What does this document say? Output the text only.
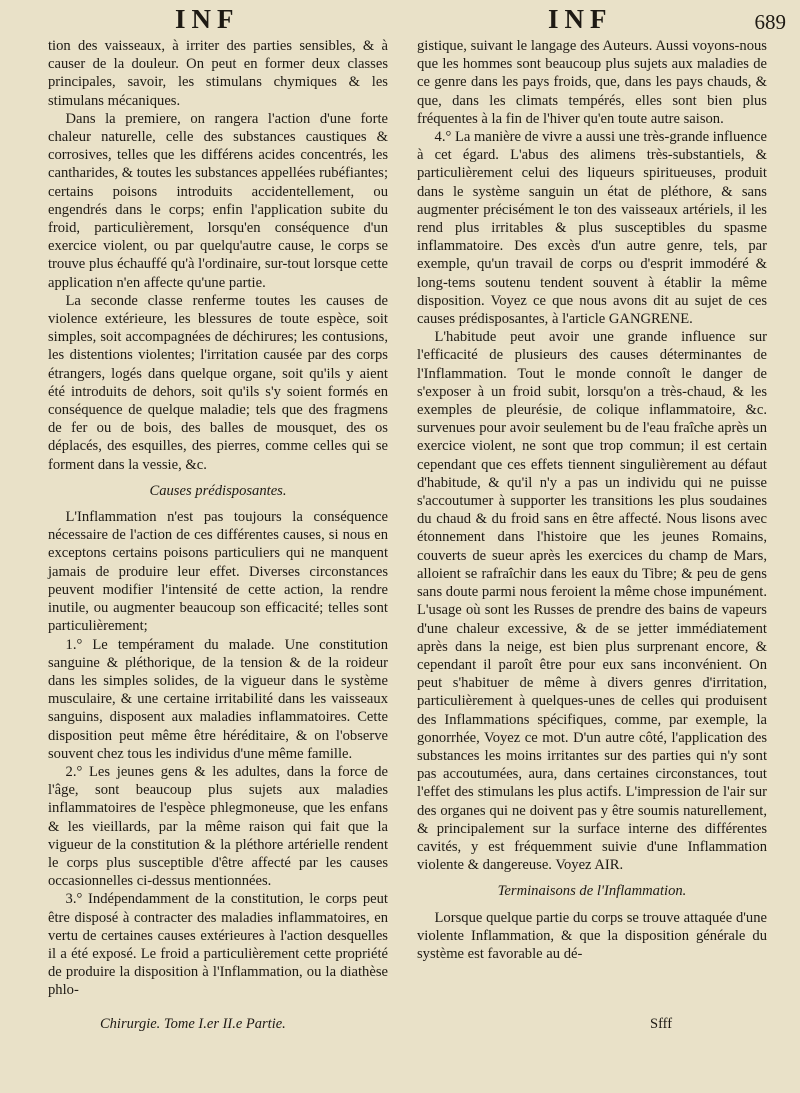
INF	INF	689

tion des vaisseaux, à irriter des parties sensibles, & à causer de la douleur. On peut en former deux classes principales, savoir, les stimulans chymiques & les stimulans mécaniques.

Dans la premiere, on rangera l'action d'une forte chaleur naturelle, celle des substances caustiques & corrosives, telles que les différens acides concentrés, les cantharides, & toutes les substances appellées rubéfiantes; certains poisons introduits accidentellement, ou engendrés dans le corps; enfin l'application subite du froid, particulièrement, lorsqu'en conséquence d'un exercice violent, ou par quelqu'autre cause, le corps se trouve plus échauffé qu'à l'ordinaire, sur-tout lorsque cette application n'en affecte qu'une partie.

La seconde classe renferme toutes les causes de violence extérieure, les blessures de toute espèce, soit simples, soit accompagnées de déchirures; les contusions, les distentions violentes; l'irritation causée par des corps étrangers, logés dans quelque organe, soit qu'ils y aient été introduits de dehors, soit qu'ils s'y soient formés en conséquence de quelque maladie; tels que des fragmens de fer ou de bois, des balles de mousquet, des os déplacés, des esquilles, des pierres, comme celles qui se forment dans la vessie, &c.

Causes prédisposantes.

L'Inflammation n'est pas toujours la conséquence nécessaire de l'action de ces différentes causes, si nous en exceptons certains poisons particuliers qui ne manquent jamais de produire leur effet. Diverses circonstances peuvent modifier l'intensité de cette action, la rendre inutile, ou augmenter beaucoup son efficacité; telles sont particulièrement;

1.° Le tempérament du malade. Une constitution sanguine & pléthorique, de la tension & de la roideur dans les simples solides, de la vigueur dans le système musculaire, & une certaine irritabilité dans les vaisseaux sanguins, disposent aux maladies inflammatoires. Cette disposition peut même être héréditaire, & on l'observe souvent chez tous les individus d'une même famille.

2.° Les jeunes gens & les adultes, dans la force de l'âge, sont beaucoup plus sujets aux maladies inflammatoires de l'espèce phlegmoneuse, que les enfans & les vieillards, par la même raison qui fait que la vigueur de la constitution & la pléthore artérielle rendent le corps plus susceptible d'être affecté par les causes occasionnelles ci-dessus mentionnées.

3.° Indépendamment de la constitution, le corps peut être disposé à contracter des maladies inflammatoires, en vertu de certaines causes extérieures à l'action desquelles il a été exposé. Le froid a particulièrement cette propriété de produire la disposition à l'Inflammation, ou la diathèse phlo-

gistique, suivant le langage des Auteurs. Aussi voyons-nous que les hommes sont beaucoup plus sujets aux maladies de ce genre dans les pays froids, que, dans les pays chauds, & que, dans les climats tempérés, elles sont bien plus fréquentes à la fin de l'hiver qu'en toute autre saison.

4.° La manière de vivre a aussi une très-grande influence à cet égard. L'abus des alimens très-substantiels, & particulièrement celui des liqueurs spiritueuses, produit dans le système sanguin un état de pléthore, & sans augmenter précisément le ton des vaisseaux artériels, il les rend plus irritables & plus susceptibles du spasme inflammatoire. Des excès d'un autre genre, tels, par exemple, qu'un travail de corps ou d'esprit immodéré & long-tems soutenu tendent souvent à établir la même disposition. Voyez ce que nous avons dit au sujet de ces causes prédisposantes, à l'article GANGRENE.

L'habitude peut avoir une grande influence sur l'efficacité de plusieurs des causes déterminantes de l'Inflammation. Tout le monde connoît le danger de s'exposer à un froid subit, lorsqu'on a très-chaud, & les exemples de pleurésie, de colique inflammatoire, &c. survenues pour avoir seulement bu de l'eau fraîche après un exercice violent, ne sont que trop commun; il est certain cependant que ces effets tiennent singulièrement au défaut d'habitude, & qu'il n'y a pas un individu qui ne puisse s'accoutumer à supporter les transitions les plus soudaines du chaud & du froid sans en être affecté. Nous lisons avec étonnement dans l'histoire que les jeunes Romains, couverts de sueur après les exercices du champ de Mars, alloient se rafraîchir dans les eaux du Tibre; & peu de gens sans doute parmi nous feroient la même chose impunément. L'usage où sont les Russes de prendre des bains de vapeurs d'une chaleur excessive, & de se jetter immédiatement après dans la neige, est bien plus surprenant encore, & cependant il paroît être pour eux sans inconvénient. On peut s'habituer de même à divers genres d'irritation, particulièrement à quelques-unes de celles qui produisent des Inflammations spécifiques, comme, par exemple, la gonorrhée, Voyez ce mot. D'un autre côté, l'application des substances les moins irritantes sur des parties qui n'y sont pas accoutumées, aura, dans certaines circonstances, tout l'effet des stimulans les plus actifs. L'impression de l'air sur des organes qui ne doivent pas y être soumis naturellement, & principalement sur la surface interne des différentes cavités, y est fréquemment suivie d'une Inflammation violente & dangereuse. Voyez AIR.

Terminaisons de l'Inflammation.

Lorsque quelque partie du corps se trouve attaquée d'une violente Inflammation, & que la disposition générale du système est favorable au dé-

Chirurgie. Tome I.er II.e Partie.	Sfff
